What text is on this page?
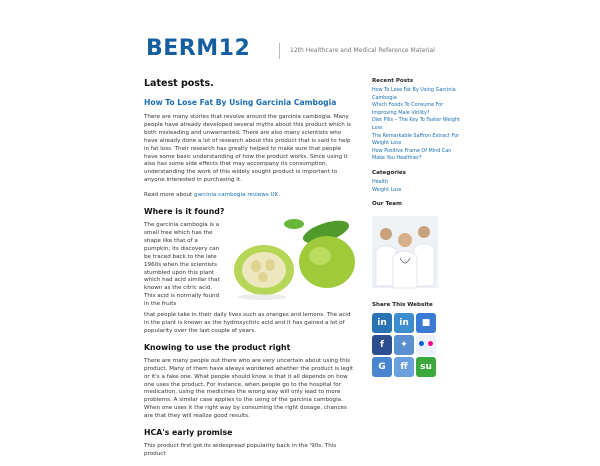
BERM12	12th Healthcare and Medical Reference Material
Latest posts.
How To Lose Fat By Using Garcinia Cambogia

There are many stories that revolve around the garcinia cambogia. Many people have already developed several myths about this product which is both misleading and unwarranted. There are also many scientists who have already done a lot of research about this product that is said to help in fat loss. Their research has greatly helped to make sure that people have some basic understanding of how the product works. Since using it also has some side effects that may accompany its consumption, understanding the work of this widely sought product is important to anyone interested in purchasing it.

Read more about garcinia cambogia reviews UK.

Where is it found?

The garcinia cambogia is a small tree which has the shape like that of a pumpkin; its discovery can be traced back to the late 1960s when the scientists stumbled upon this plant which had acid similar that known as the citric acid. This acid is normally found in the fruits

that people take in their daily lives such as oranges and lemons. The acid in the plant is known as the hydroxycitric acid and it has gained a lot of popularity over the last couple of years.

Knowing to use the product right

There are many people out there who are very uncertain about using this product. Many of them have always wondered whether the product is legit or it's a fake one. What people should know is that it all depends on how one uses the product. For instance, when people go to the hospital for medication, using the medicines the wrong way will only lead to more problems. A similar case applies to the using of the garcinia cambogia. When one uses it the right way by consuming the right dosage, chances are that they will realize good results.

HCA's early promise

This product first got its widespread popularity back in the '90s. This product

Recent Posts
How To Lose Fat By Using Garcinia Cambogia
Which Foods To Consume For Improving Male Virility?
Diet Pills – The Key To Faster Weight Loss
The Remarkable Saffron Extract For Weight Loss
How Positive Frame Of Mind Can Make You Healthier?
Categories
Health
Weight Loss
Our Team
Share This Website
in	in	■
f	✦ • •
G	ff	su
